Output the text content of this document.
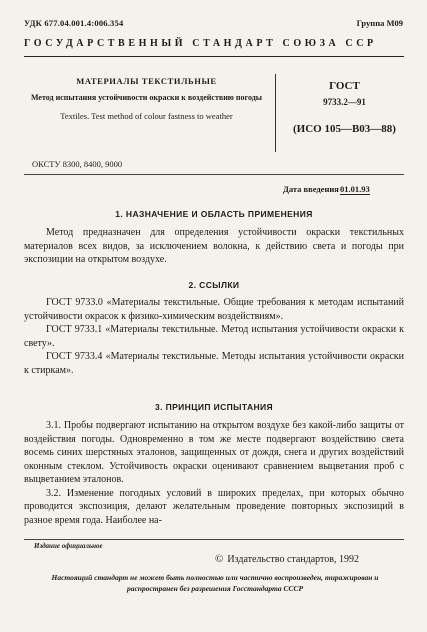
УДК 677.04.001.4:006.354	Группа М09
ГОСУДАРСТВЕННЫЙ СТАНДАРТ СОЮЗА ССР
МАТЕРИАЛЫ ТЕКСТИЛЬНЫЕ
Метод испытания устойчивости окраски к воздействию погоды
Textiles. Test method of colour fastness to weather
ГОСТ
9733.2—91
(ИСО 105—В03—88)
ОКСТУ 8300, 8400, 9000
Дата введения 01.01.93
1. НАЗНАЧЕНИЕ И ОБЛАСТЬ ПРИМЕНЕНИЯ

Метод предназначен для определения устойчивости окраски текстильных материалов всех видов, за исключением волокна, к действию света и погоды при экспозиции на открытом воздухе.

2. ССЫЛКИ

ГОСТ 9733.0 «Материалы текстильные. Общие требования к методам испытаний устойчивости окрасок к физико-химическим воздействиям».

ГОСТ 9733.1 «Материалы текстильные. Метод испытания устойчивости окраски к свету».

ГОСТ 9733.4 «Материалы текстильные. Методы испытания устойчивости окраски к стиркам».

3. ПРИНЦИП ИСПЫТАНИЯ

3.1. Пробы подвергают испытанию на открытом воздухе без какой-либо защиты от воздействия погоды. Одновременно в том же месте подвергают воздействию света восемь синих шерстяных эталонов, защищенных от дождя, снега и других воздействий оконным стеклом. Устойчивость окраски оценивают сравнением выцветания проб с выцветанием эталонов.

3.2. Изменение погодных условий в широких пределах, при которых обычно проводится экспозиция, делают желательным проведение повторных экспозиций в разное время года. Наиболее на-

Издание официальное
© Издательство стандартов, 1992
Настоящий стандарт не может быть полностью или частично воспроизведен, тиражирован и распространен без разрешения Госстандарта СССР
